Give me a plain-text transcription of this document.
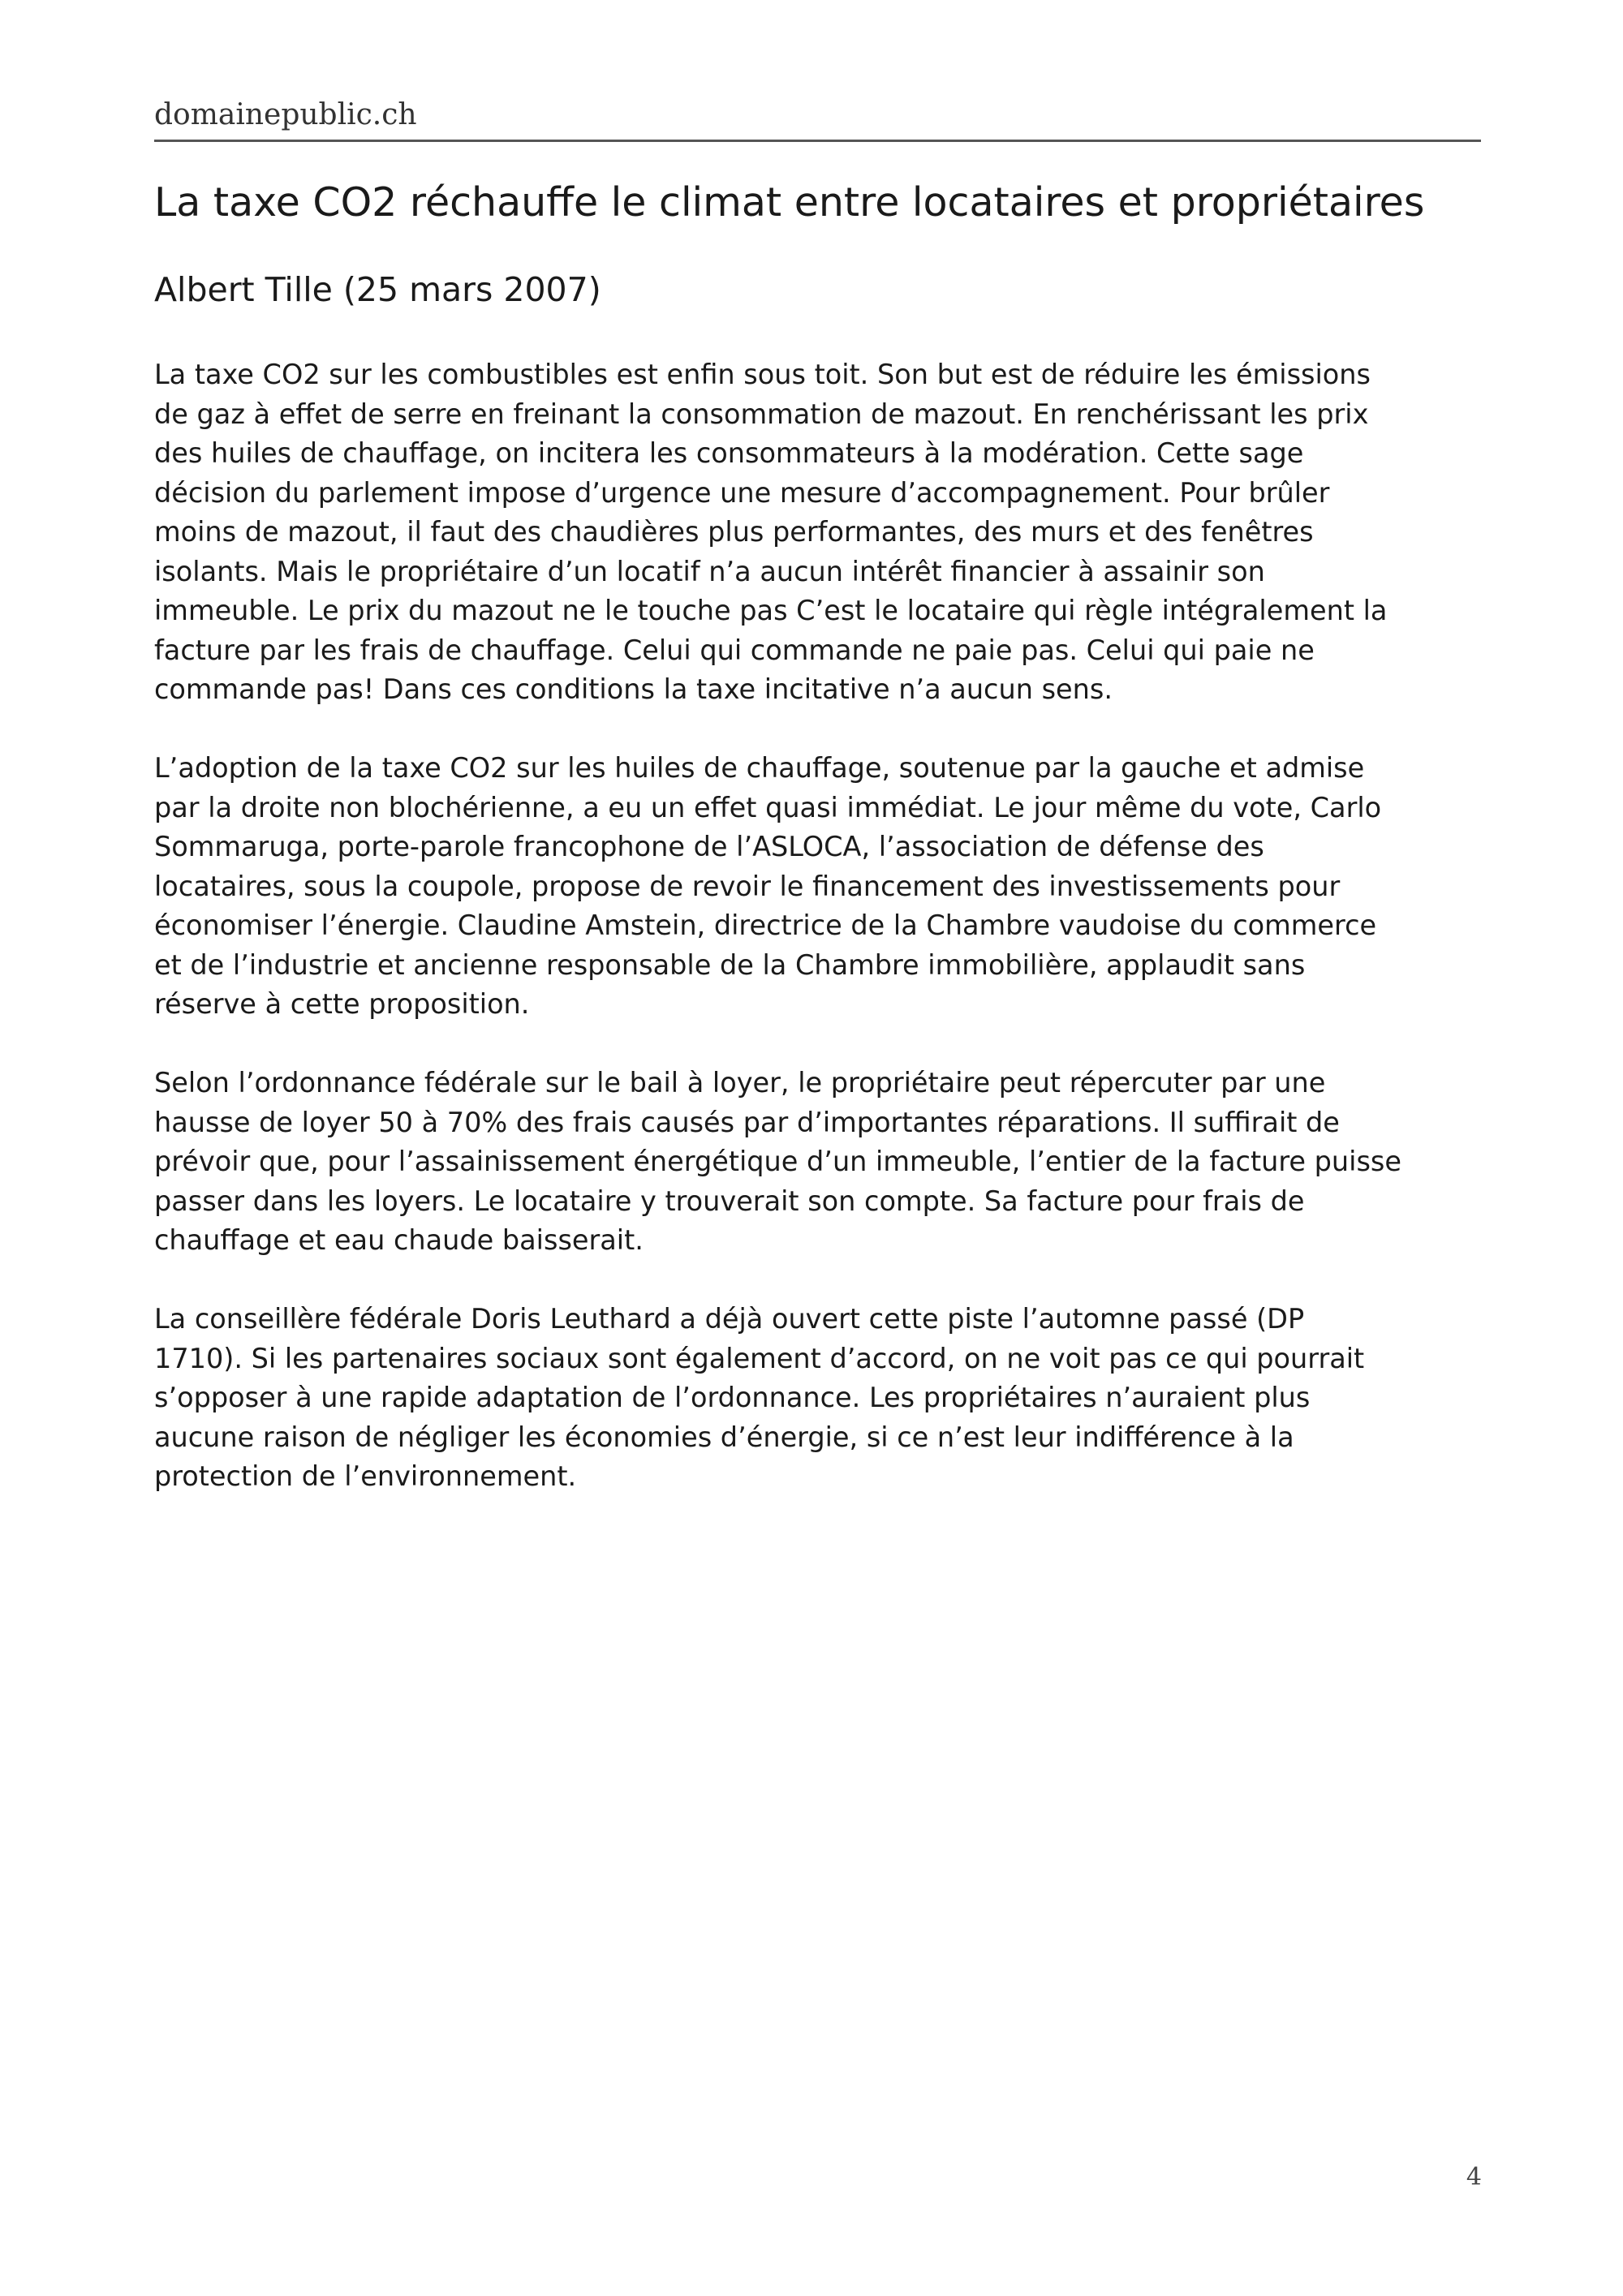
domainepublic.ch
La taxe CO2 réchauffe le climat entre locataires et propriétaires

Albert Tille (25 mars 2007)

La taxe CO2 sur les combustibles est enfin sous toit. Son but est de réduire les émissions
de gaz à effet de serre en freinant la consommation de mazout. En renchérissant les prix
des huiles de chauffage, on incitera les consommateurs à la modération. Cette sage
décision du parlement impose d’urgence une mesure d’accompagnement. Pour brûler
moins de mazout, il faut des chaudières plus performantes, des murs et des fenêtres
isolants. Mais le propriétaire d’un locatif n’a aucun intérêt financier à assainir son
immeuble. Le prix du mazout ne le touche pas C’est le locataire qui règle intégralement la
facture par les frais de chauffage. Celui qui commande ne paie pas. Celui qui paie ne
commande pas! Dans ces conditions la taxe incitative n’a aucun sens.

L’adoption de la taxe CO2 sur les huiles de chauffage, soutenue par la gauche et admise
par la droite non blochérienne, a eu un effet quasi immédiat. Le jour même du vote, Carlo
Sommaruga, porte-parole francophone de l’ASLOCA, l’association de défense des
locataires, sous la coupole, propose de revoir le financement des investissements pour
économiser l’énergie. Claudine Amstein, directrice de la Chambre vaudoise du commerce
et de l’industrie et ancienne responsable de la Chambre immobilière, applaudit sans
réserve à cette proposition.

Selon l’ordonnance fédérale sur le bail à loyer, le propriétaire peut répercuter par une
hausse de loyer 50 à 70% des frais causés par d’importantes réparations. Il suffirait de
prévoir que, pour l’assainissement énergétique d’un immeuble, l’entier de la facture puisse
passer dans les loyers. Le locataire y trouverait son compte. Sa facture pour frais de
chauffage et eau chaude baisserait.

La conseillère fédérale Doris Leuthard a déjà ouvert cette piste l’automne passé (DP
1710). Si les partenaires sociaux sont également d’accord, on ne voit pas ce qui pourrait
s’opposer à une rapide adaptation de l’ordonnance. Les propriétaires n’auraient plus
aucune raison de négliger les économies d’énergie, si ce n’est leur indifférence à la
protection de l’environnement.

4
